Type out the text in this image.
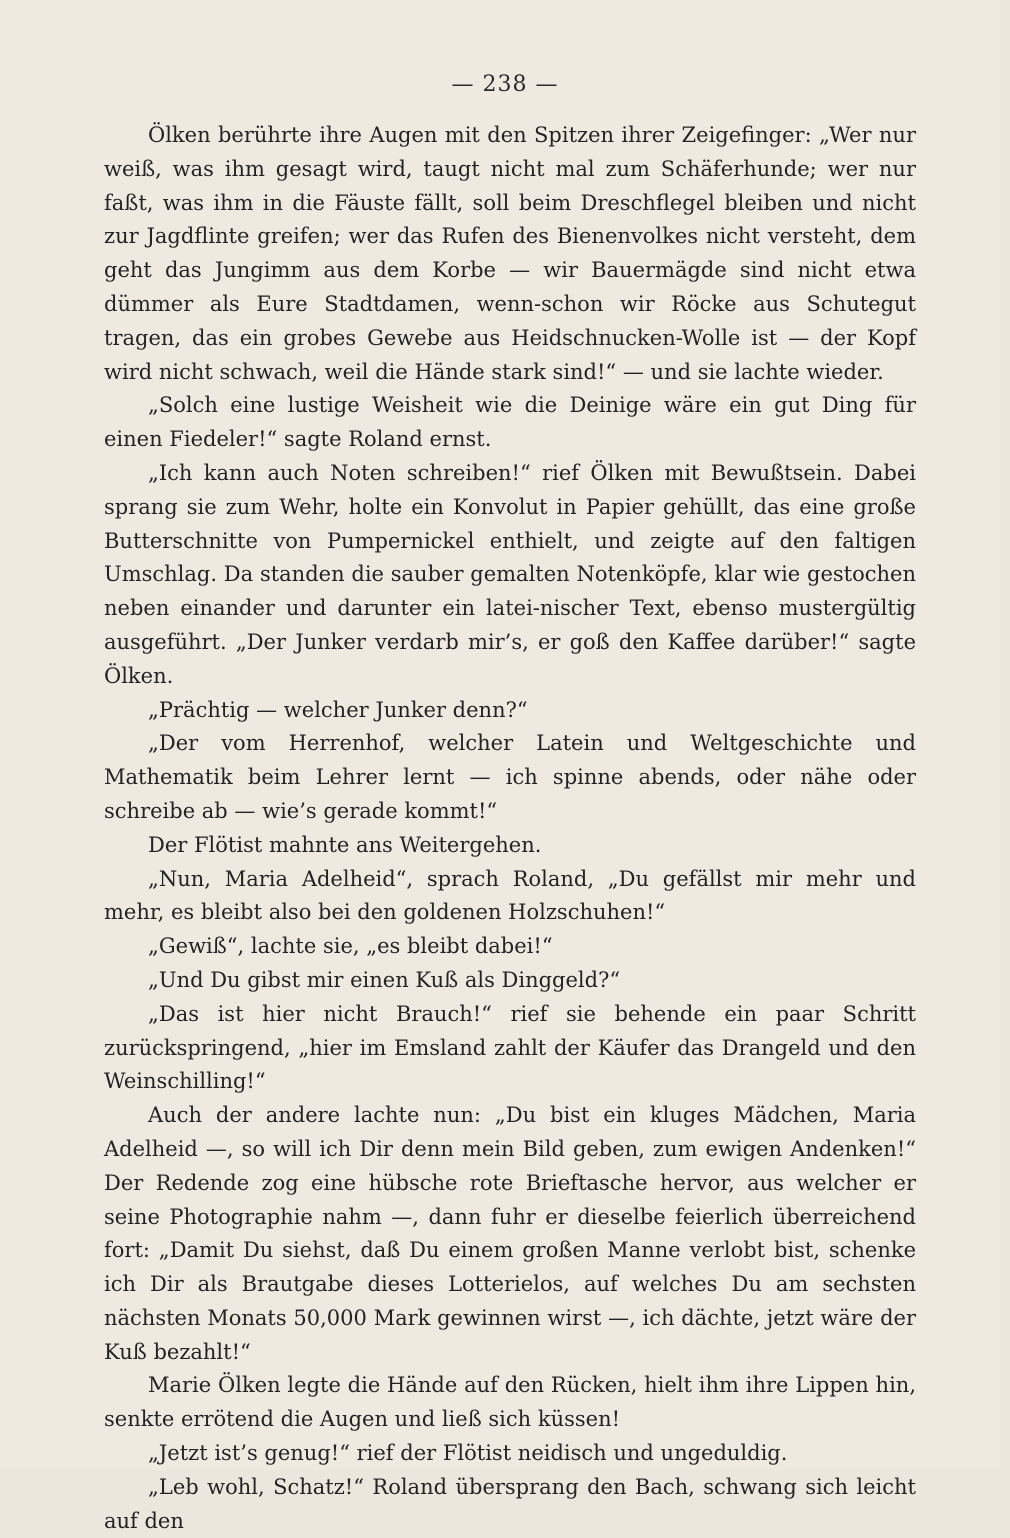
— 238 —

Ölken berührte ihre Augen mit den Spitzen ihrer Zeigefinger: „Wer nur weiß, was ihm gesagt wird, taugt nicht mal zum Schäferhunde; wer nur faßt, was ihm in die Fäuste fällt, soll beim Dreschflegel bleiben und nicht zur Jagdflinte greifen; wer das Rufen des Bienenvolkes nicht versteht, dem geht das Jungimm aus dem Korbe — wir Bauermägde sind nicht etwa dümmer als Eure Stadtdamen, wenn-schon wir Röcke aus Schutegut tragen, das ein grobes Gewebe aus Heidschnucken-Wolle ist — der Kopf wird nicht schwach, weil die Hände stark sind!“ — und sie lachte wieder.

„Solch eine lustige Weisheit wie die Deinige wäre ein gut Ding für einen Fiedeler!“ sagte Roland ernst.

„Ich kann auch Noten schreiben!“ rief Ölken mit Bewußtsein. Dabei sprang sie zum Wehr, holte ein Konvolut in Papier gehüllt, das eine große Butterschnitte von Pumpernickel enthielt, und zeigte auf den faltigen Umschlag. Da standen die sauber gemalten Notenköpfe, klar wie gestochen neben einander und darunter ein latei-nischer Text, ebenso mustergültig ausgeführt. „Der Junker verdarb mir’s, er goß den Kaffee darüber!“ sagte Ölken.

„Prächtig — welcher Junker denn?“

„Der vom Herrenhof, welcher Latein und Weltgeschichte und Mathematik beim Lehrer lernt — ich spinne abends, oder nähe oder schreibe ab — wie’s gerade kommt!“

Der Flötist mahnte ans Weitergehen.

„Nun, Maria Adelheid“, sprach Roland, „Du gefällst mir mehr und mehr, es bleibt also bei den goldenen Holzschuhen!“

„Gewiß“, lachte sie, „es bleibt dabei!“

„Und Du gibst mir einen Kuß als Dinggeld?“

„Das ist hier nicht Brauch!“ rief sie behende ein paar Schritt zurückspringend, „hier im Emsland zahlt der Käufer das Drangeld und den Weinschilling!“

Auch der andere lachte nun: „Du bist ein kluges Mädchen, Maria Adelheid —, so will ich Dir denn mein Bild geben, zum ewigen Andenken!“ Der Redende zog eine hübsche rote Brieftasche hervor, aus welcher er seine Photographie nahm —, dann fuhr er dieselbe feierlich überreichend fort: „Damit Du siehst, daß Du einem großen Manne verlobt bist, schenke ich Dir als Brautgabe dieses Lotterielos, auf welches Du am sechsten nächsten Monats 50,000 Mark gewinnen wirst —, ich dächte, jetzt wäre der Kuß bezahlt!“

Marie Ölken legte die Hände auf den Rücken, hielt ihm ihre Lippen hin, senkte errötend die Augen und ließ sich küssen!

„Jetzt ist’s genug!“ rief der Flötist neidisch und ungeduldig.

„Leb wohl, Schatz!“ Roland übersprang den Bach, schwang sich leicht auf den
